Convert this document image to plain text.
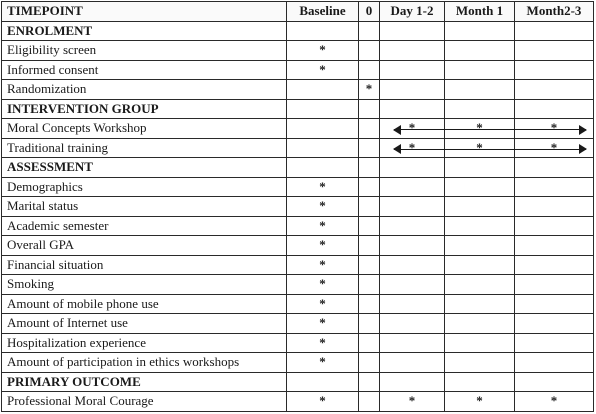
TIMEPOINT	Baseline	0	Day 1-2	Month 1	Month2-3
ENROLMENT					
Eligibility screen	*				
Informed consent	*				
Randomization		*			
INTERVENTION GROUP					
Moral Concepts Workshop			*	*	*
Traditional training			*	*	*
ASSESSMENT					
Demographics	*				
Marital status	*				
Academic semester	*				
Overall GPA	*				
Financial situation	*				
Smoking	*				
Amount of mobile phone use	*				
Amount of Internet use	*				
Hospitalization experience	*				
Amount of participation in ethics workshops	*				
PRIMARY OUTCOME					
Professional Moral Courage	*		*	*	*
